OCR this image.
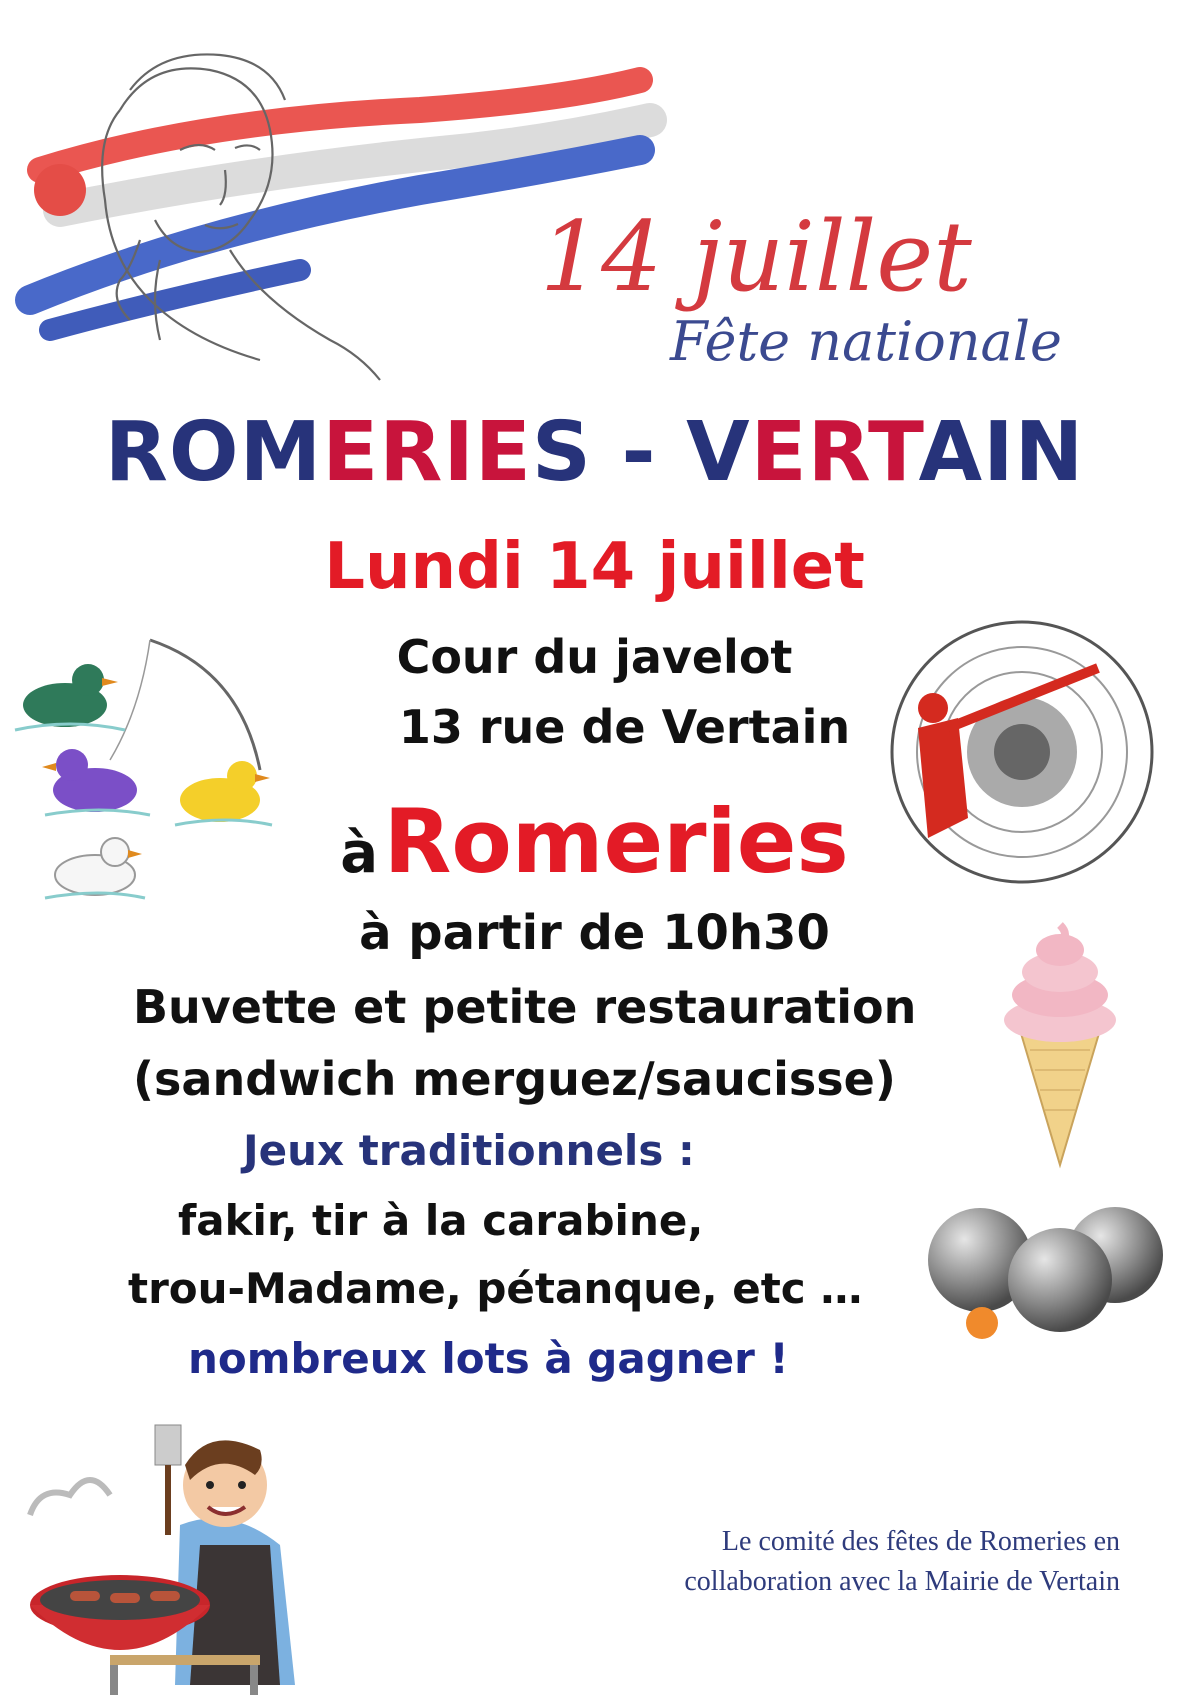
14 juillet
Fête nationale
ROMERIES - VERTAIN
Lundi 14 juillet
Cour du javelot
13 rue de Vertain
à Romeries
à partir de 10h30
Buvette et petite restauration
(sandwich merguez/saucisse)
Jeux traditionnels :
fakir, tir à la carabine,
trou-Madame, pétanque, etc …
nombreux lots à gagner !
Le comité des fêtes de Romeries en
collaboration avec la Mairie de Vertain
